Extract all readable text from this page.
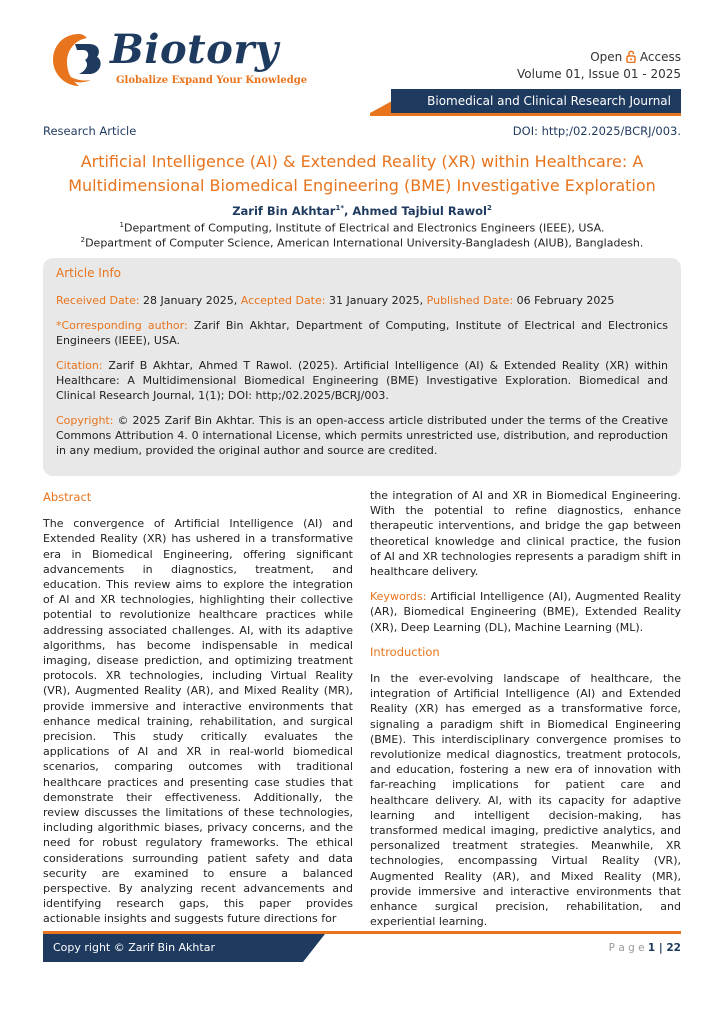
Biotory
Globalize Expand Your Knowledge
Open Access
Volume 01, Issue 01 - 2025
Biomedical and Clinical Research Journal
Research Article	DOI: http;/02.2025/BCRJ/003.
Artificial Intelligence (AI) & Extended Reality (XR) within Healthcare: A Multidimensional Biomedical Engineering (BME) Investigative Exploration
Zarif Bin Akhtar$^{1*}$, Ahmed Tajbiul Rawol$^2$
$^1$Department of Computing, Institute of Electrical and Electronics Engineers (IEEE), USA.
$^2$Department of Computer Science, American International University-Bangladesh (AIUB), Bangladesh.
Article Info

Received Date: 28 January 2025, Accepted Date: 31 January 2025, Published Date: 06 February 2025

*Corresponding author: Zarif Bin Akhtar, Department of Computing, Institute of Electrical and Electronics Engineers (IEEE), USA.

Citation: Zarif B Akhtar, Ahmed T Rawol. (2025). Artificial Intelligence (AI) & Extended Reality (XR) within Healthcare: A Multidimensional Biomedical Engineering (BME) Investigative Exploration. Biomedical and Clinical Research Journal, 1(1); DOI: http;/02.2025/BCRJ/003.

Copyright: © 2025 Zarif Bin Akhtar. This is an open-access article distributed under the terms of the Creative Commons Attribution 4. 0 international License, which permits unrestricted use, distribution, and reproduction in any medium, provided the original author and source are credited.

Abstract

The convergence of Artificial Intelligence (AI) and Extended Reality (XR) has ushered in a transformative era in Biomedical Engineering, offering significant advancements in diagnostics, treatment, and education. This review aims to explore the integration of AI and XR technologies, highlighting their collective potential to revolutionize healthcare practices while addressing associated challenges. AI, with its adaptive algorithms, has become indispensable in medical imaging, disease prediction, and optimizing treatment protocols. XR technologies, including Virtual Reality (VR), Augmented Reality (AR), and Mixed Reality (MR), provide immersive and interactive environments that enhance medical training, rehabilitation, and surgical precision. This study critically evaluates the applications of AI and XR in real-world biomedical scenarios, comparing outcomes with traditional healthcare practices and presenting case studies that demonstrate their effectiveness. Additionally, the review discusses the limitations of these technologies, including algorithmic biases, privacy concerns, and the need for robust regulatory frameworks. The ethical considerations surrounding patient safety and data security are examined to ensure a balanced perspective. By analyzing recent advancements and identifying research gaps, this paper provides actionable insights and suggests future directions for

the integration of AI and XR in Biomedical Engineering. With the potential to refine diagnostics, enhance therapeutic interventions, and bridge the gap between theoretical knowledge and clinical practice, the fusion of AI and XR technologies represents a paradigm shift in healthcare delivery.

Keywords: Artificial Intelligence (AI), Augmented Reality (AR), Biomedical Engineering (BME), Extended Reality (XR), Deep Learning (DL), Machine Learning (ML).

Introduction

In the ever-evolving landscape of healthcare, the integration of Artificial Intelligence (AI) and Extended Reality (XR) has emerged as a transformative force, signaling a paradigm shift in Biomedical Engineering (BME). This interdisciplinary convergence promises to revolutionize medical diagnostics, treatment protocols, and education, fostering a new era of innovation with far-reaching implications for patient care and healthcare delivery. AI, with its capacity for adaptive learning and intelligent decision-making, has transformed medical imaging, predictive analytics, and personalized treatment strategies. Meanwhile, XR technologies, encompassing Virtual Reality (VR), Augmented Reality (AR), and Mixed Reality (MR), provide immersive and interactive environments that enhance surgical precision, rehabilitation, and experiential learning.

Copy right © Zarif Bin Akhtar	P a g e 1 | 22
